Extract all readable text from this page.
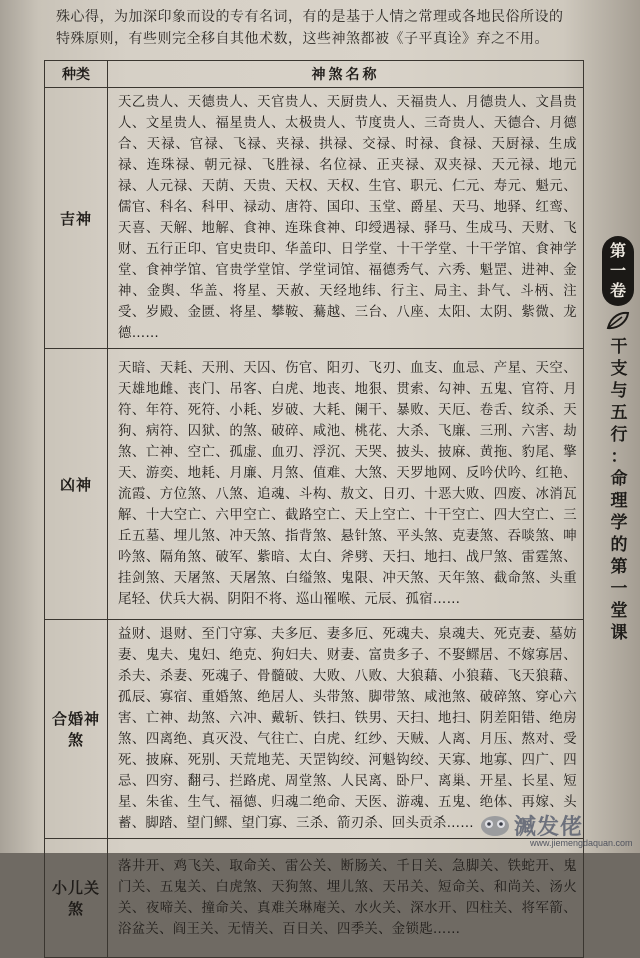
殊心得，为加深印象而设的专有名词，有的是基于人情之常理或各地民俗所设的

特殊原则，有些则完全移自其他术数，这些神煞都被《子平真诠》弃之不用。

种类	神煞名称
吉神	天乙贵人、天德贵人、天官贵人、天厨贵人、天福贵人、月德贵人、文昌贵人、文星贵人、福星贵人、太极贵人、节度贵人、三奇贵人、天德合、月德合、天禄、官禄、飞禄、夹禄、拱禄、交禄、时禄、食禄、天厨禄、生成禄、连珠禄、朝元禄、飞胜禄、名位禄、正夹禄、双夹禄、天元禄、地元禄、人元禄、天荫、天贵、天权、天权、生官、职元、仁元、寿元、魁元、儒官、科名、科甲、禄动、唐符、国印、玉堂、爵星、天马、地驿、红鸾、天喜、天解、地解、食神、连珠食神、印绶遇禄、驿马、生成马、天财、飞财、五行正印、官史贵印、华盖印、日学堂、十干学堂、十干学馆、食神学堂、食神学馆、官贵学堂馆、学堂词馆、福德秀气、六秀、魁罡、进神、金神、金舆、华盖、将星、天赦、天经地纬、行主、局主、卦气、斗柄、注受、岁殿、金匮、将星、攀鞍、驀越、三台、八座、太阳、太阴、紫微、龙德……
凶神	天暗、天耗、天刑、天囚、伤官、阳刃、飞刃、血支、血忌、产星、天空、天雄地雌、丧门、吊客、白虎、地丧、地狠、贯索、勾神、五鬼、官符、月符、年符、死符、小耗、岁破、大耗、阑干、暴败、天厄、卷舌、纹杀、天狗、病符、囚狱、的煞、破碎、咸池、桃花、大杀、飞廉、三刑、六害、劫煞、亡神、空亡、孤虚、血刃、浮沉、天哭、披头、披麻、黄拖、豹尾、擎天、游奕、地耗、月廉、月煞、值难、大煞、天罗地网、反吟伏吟、红艳、流霞、方位煞、八煞、追魂、斗构、敖文、日刃、十恶大败、四废、冰消瓦解、十大空亡、六甲空亡、截路空亡、天上空亡、十干空亡、四大空亡、三丘五墓、埋儿煞、冲天煞、指背煞、悬针煞、平头煞、克妻煞、吞啖煞、呻吟煞、隔角煞、破军、紫暗、太白、斧劈、天扫、地扫、战尸煞、雷霆煞、挂剑煞、天屠煞、天屠煞、白缢煞、鬼限、冲天煞、天年煞、截命煞、头重尾轻、伏兵大祸、阴阳不将、巡山罹喉、元辰、孤宿……
合婚神煞	益财、退财、至门守寡、夫多厄、妻多厄、死魂夫、泉魂夫、死克妻、墓妨妻、鬼夫、鬼妇、绝克、狗妇夫、财妻、富贵多子、不娶鳏居、不嫁寡居、杀夫、杀妻、死魂子、骨髓破、大败、八败、大狼藉、小狼藉、飞天狼藉、孤辰、寡宿、重婚煞、绝居人、头带煞、脚带煞、咸池煞、破碎煞、穿心六害、亡神、劫煞、六冲、戴斩、铁扫、铁男、天扫、地扫、阴差阳错、绝房煞、四离绝、真灭没、气往亡、白虎、红纱、天贼、人离、月压、熬对、受死、披麻、死别、天荒地芜、天罡钩绞、河魁钩绞、天寡、地寡、四广、四忌、四穷、翻弓、拦路虎、周堂煞、人民离、卧尸、离巢、开星、长星、短星、朱雀、生气、福德、归魂二绝命、天医、游魂、五鬼、绝体、再嫁、头蓄、脚踏、望门鳏、望门寡、三杀、箭刃杀、回头贡杀……
小儿关煞	落井开、鸡飞关、取命关、雷公关、断肠关、千日关、急脚关、铁蛇开、鬼门关、五鬼关、白虎煞、天狗煞、埋儿煞、天吊关、短命关、和尚关、汤火关、夜啼关、撞命关、真难关琳庵关、水火关、深水开、四柱关、将军箭、浴盆关、阎王关、无情关、百日关、四季关、金锁匙……
第
一
卷
干
支
与
五
行
：
命
理
学
的
第
一
堂
课
㵴发佬
www.jiemengdaquan.com
